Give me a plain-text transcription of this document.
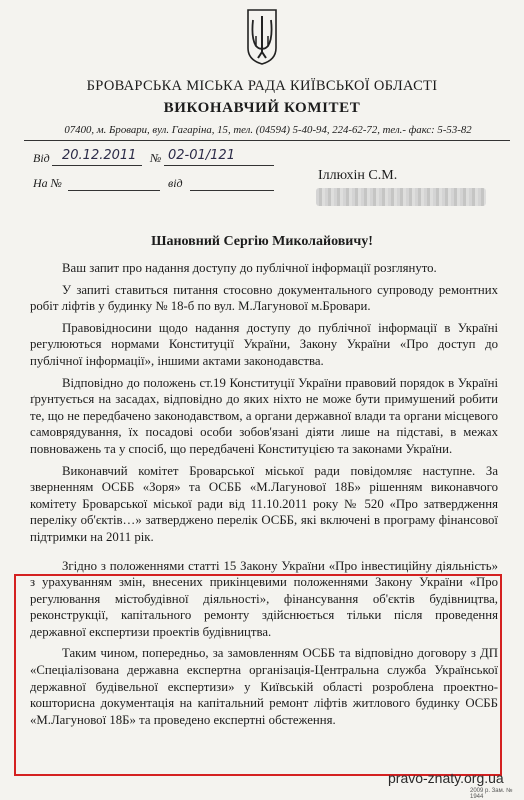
БРОВАРСЬКА МІСЬКА РАДА КИЇВСЬКОЇ ОБЛАСТІ
ВИКОНАВЧИЙ КОМІТЕТ
07400, м. Бровари, вул. Гагаріна, 15, тел. (04594) 5-40-94, 224-62-72, тел.- факс: 5-53-82
Від 20.12.2011 № 02-01/121
На №	від	Іллюхін С.М.
Шановний Сергію Миколайовичу!

Ваш запит про надання доступу до публічної інформації розглянуто.

У запиті ставиться питання стосовно документального супроводу ремонтних робіт ліфтів у будинку № 18-б по вул. М.Лагунової м.Бровари.

Правовідносини щодо надання доступу до публічної інформації в Україні регулюються нормами Конституції України, Закону України «Про доступ до публічної інформації», іншими актами законодавства.

Відповідно до положень ст.19 Конституції України правовий порядок в Україні ґрунтується на засадах, відповідно до яких ніхто не може бути примушений робити те, що не передбачено законодавством, а органи державної влади та органи місцевого самоврядування, їх посадові особи зобов'язані діяти лише на підставі, в межах повноважень та у спосіб, що передбачені Конституцією та законами України.

Виконавчий комітет Броварської міської ради повідомляє наступне. За зверненням ОСББ «Зоря» та ОСББ «М.Лагунової 18Б» рішенням виконавчого комітету Броварської міської ради від 11.10.2011 року № 520 «Про затвердження переліку об'єктів…» затверджено перелік ОСББ, які включені в програму фінансової підтримки на 2011 рік.

Згідно з положеннями статті 15 Закону України «Про інвестиційну діяльність» з урахуванням змін, внесених прикінцевими положеннями Закону України «Про регулювання містобудівної діяльності», фінансування об'єктів будівництва, реконструкції, капітального ремонту здійснюється тільки після проведення державної експертизи проектів будівництва.

Таким чином, попередньо, за замовленням ОСББ та відповідно договору з ДП «Спеціалізована державна експертна організація-Центральна служба Української державної будівельної експертизи» у Київській області розроблена проектно-кошторисна документація на капітальний ремонт ліфтів житлового будинку ОСББ «М.Лагунової 18Б» та проведено експертні обстеження.

pravo-znaty.org.ua
2009 р. Зам. № 1944
